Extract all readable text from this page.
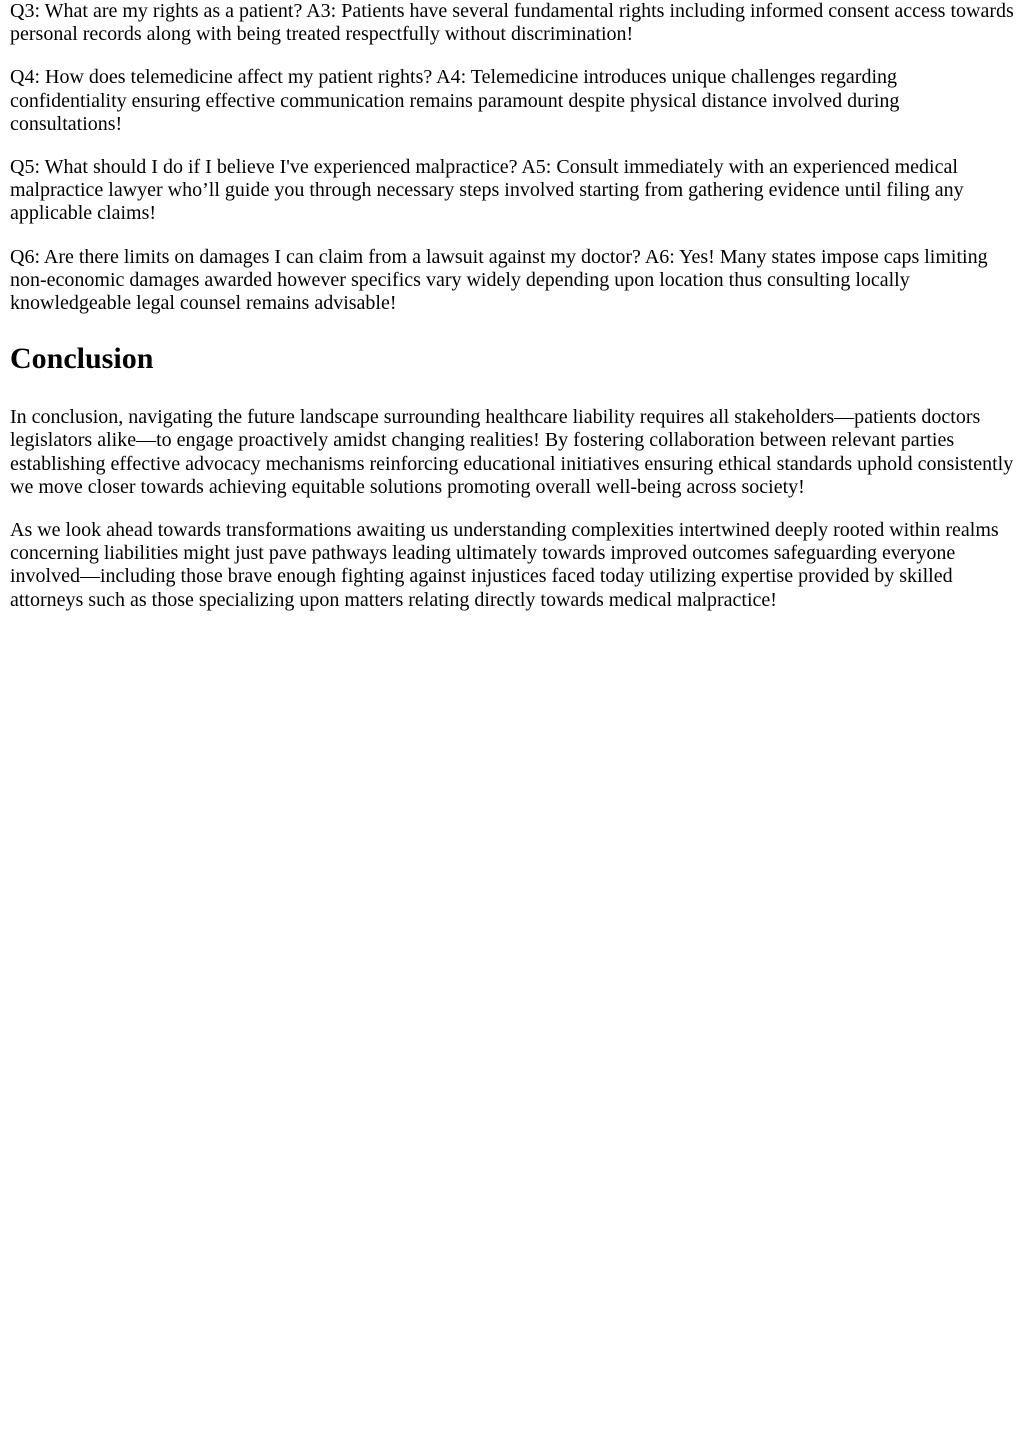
Q3: What are my rights as a patient? A3: Patients have several fundamental rights including informed consent access towards personal records along with being treated respectfully without discrimination!

Q4: How does telemedicine affect my patient rights? A4: Telemedicine introduces unique challenges regarding confidentiality ensuring effective communication remains paramount despite physical distance involved during consultations!

Q5: What should I do if I believe I've experienced malpractice? A5: Consult immediately with an experienced medical malpractice lawyer who’ll guide you through necessary steps involved starting from gathering evidence until filing any applicable claims!

Q6: Are there limits on damages I can claim from a lawsuit against my doctor? A6: Yes! Many states impose caps limiting non-economic damages awarded however specifics vary widely depending upon location thus consulting locally knowledgeable legal counsel remains advisable!

Conclusion

In conclusion, navigating the future landscape surrounding healthcare liability requires all stakeholders—patients doctors legislators alike—to engage proactively amidst changing realities! By fostering collaboration between relevant parties establishing effective advocacy mechanisms reinforcing educational initiatives ensuring ethical standards uphold consistently we move closer towards achieving equitable solutions promoting overall well-being across society!

As we look ahead towards transformations awaiting us understanding complexities intertwined deeply rooted within realms concerning liabilities might just pave pathways leading ultimately towards improved outcomes safeguarding everyone involved—including those brave enough fighting against injustices faced today utilizing expertise provided by skilled attorneys such as those specializing upon matters relating directly towards medical malpractice!
